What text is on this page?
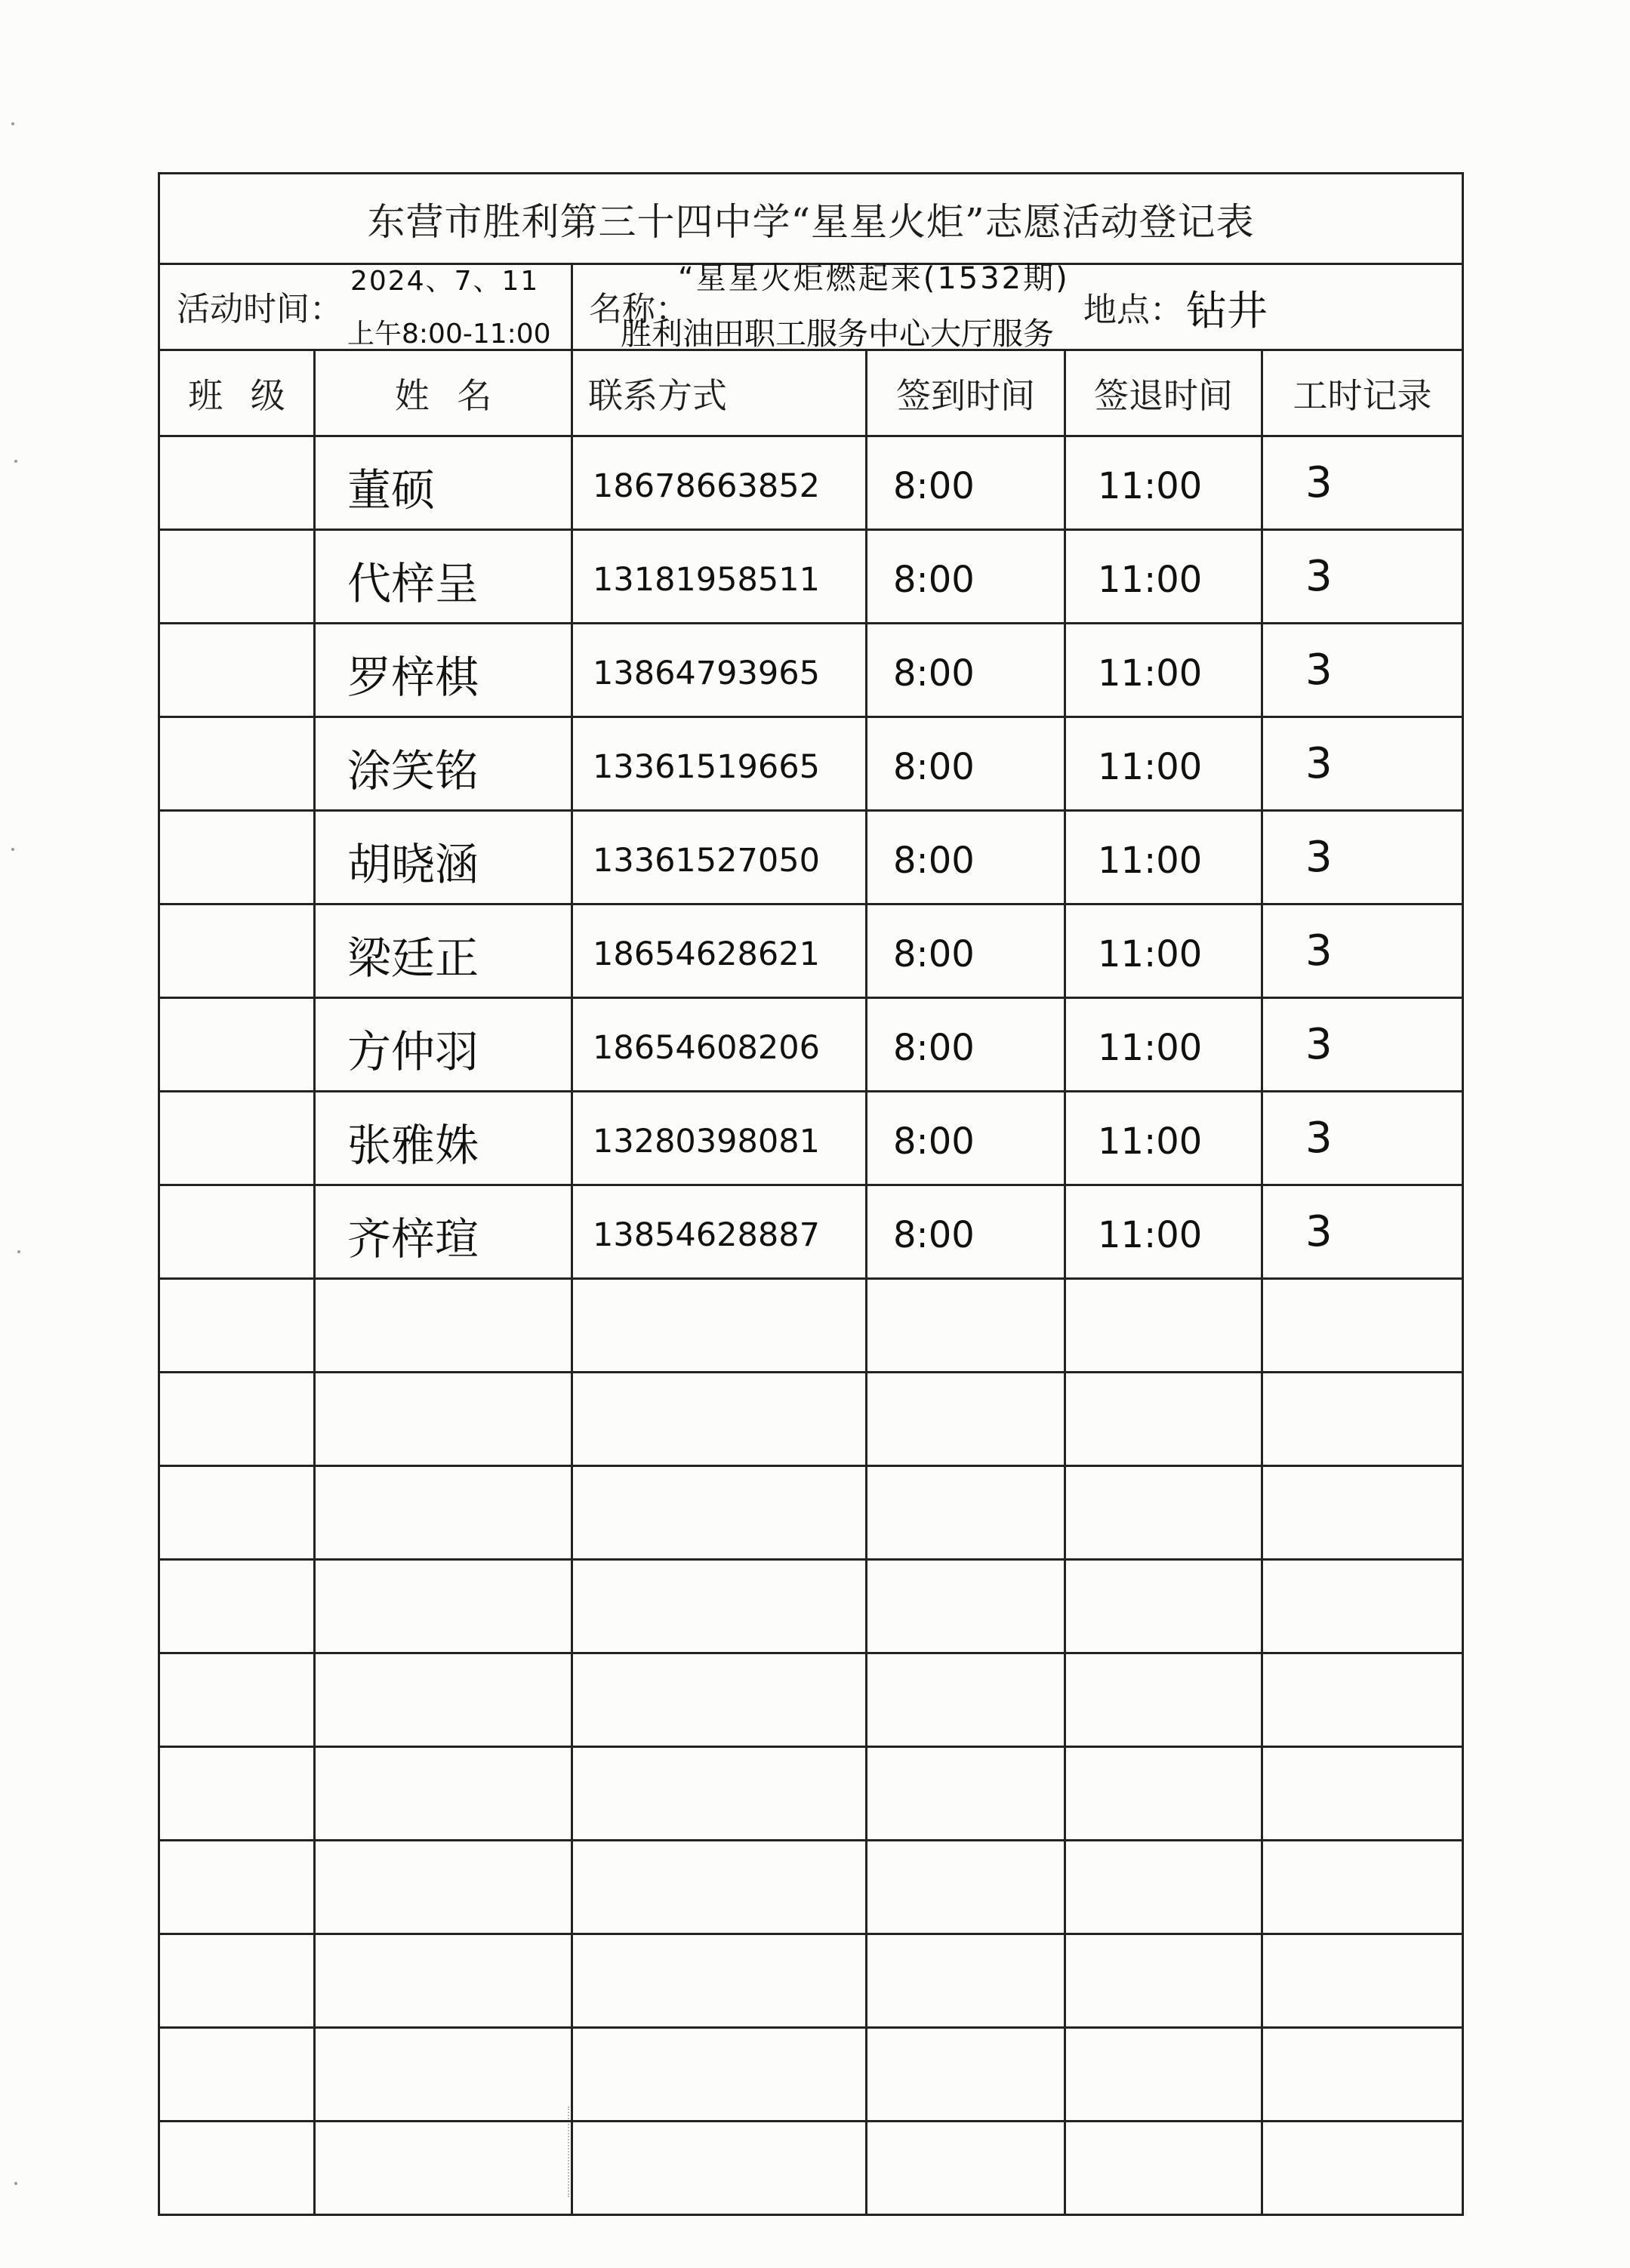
东营市胜利第三十四中学“星星火炬”志愿活动登记表					

活动时间：
2024、7、11
上午8:00-11:00		名称：
“星星火炬燃起来(1532期)
胜利油田职工服务中心大厅服务
地点： 钻井			

班 级	姓 名	联系方式	签到时间	签退时间	工时记录
	董硕	18678663852	8:00	11:00	3
	代梓呈	13181958511	8:00	11:00	3
	罗梓棋	13864793965	8:00	11:00	3
	涂笑铭	13361519665	8:00	11:00	3
	胡晓涵	13361527050	8:00	11:00	3
	梁廷正	18654628621	8:00	11:00	3
	方仲羽	18654608206	8:00	11:00	3
	张雅姝	13280398081	8:00	11:00	3
	齐梓瑄	13854628887	8:00	11:00	3
